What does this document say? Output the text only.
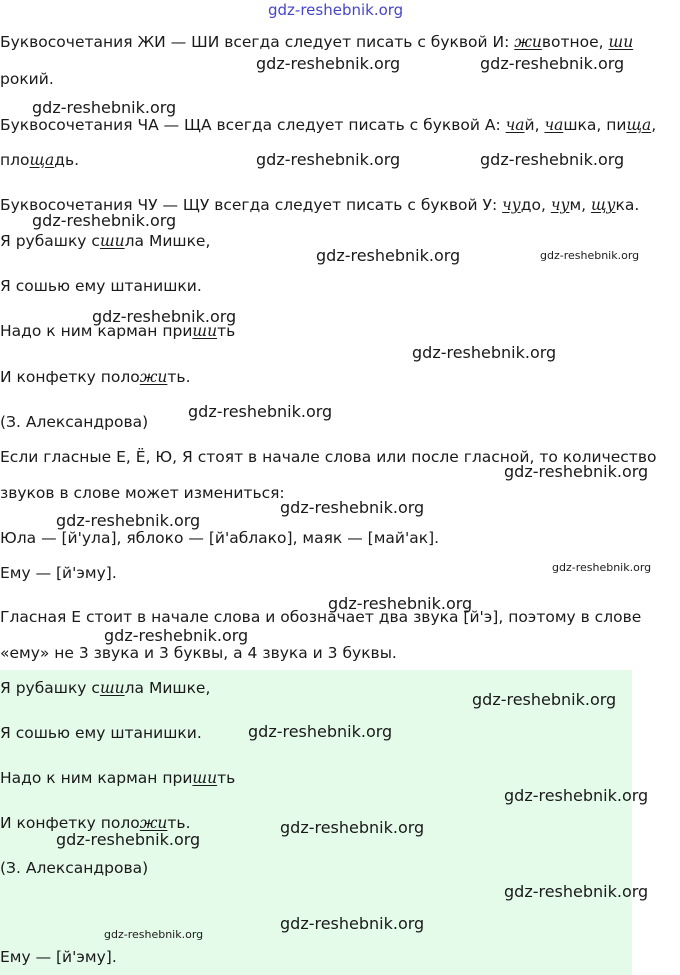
Буквосочетания ЖИ — ШИ всегда следует писать с буквой И: животное, ши
рокий.
Буквосочетания ЧА — ЩА всегда следует писать с буквой А: чай, чашка, пища,
площадь.
Буквосочетания ЧУ — ЩУ всегда следует писать с буквой У: чудо, чум, щука.
Я рубашку сшила Мишке,
Я сошью ему штанишки.
Надо к ним карман пришить
И конфетку положить.
(З. Александрова)
Если гласные Е, Ё, Ю, Я стоят в начале слова или после гласной, то количество
звуков в слове может измениться:
Юла — [й'ула], яблоко — [й'аблако], маяк — [май'ак].
Ему — [й'эму].
Гласная Е стоит в начале слова и обозначает два звука [й'э], поэтому в слове
«ему» не 3 звука и 3 буквы, а 4 звука и 3 буквы.
Я рубашку сшила Мишке,
Я сошью ему штанишки.
Надо к ним карман пришить
И конфетку положить.
(З. Александрова)
Ему — [й'эму].
gdz-reshebnik.org
gdz-reshebnik.org	gdz-reshebnik.org
gdz-reshebnik.org
gdz-reshebnik.org	gdz-reshebnik.org
gdz-reshebnik.org
gdz-reshebnik.org	gdz-reshebnik.org
gdz-reshebnik.org
gdz-reshebnik.org
gdz-reshebnik.org
gdz-reshebnik.org
gdz-reshebnik.org
gdz-reshebnik.org
gdz-reshebnik.org
gdz-reshebnik.org
gdz-reshebnik.org
gdz-reshebnik.org
gdz-reshebnik.org
gdz-reshebnik.org
gdz-reshebnik.org
gdz-reshebnik.org
gdz-reshebnik.org
gdz-reshebnik.org
gdz-reshebnik.org
